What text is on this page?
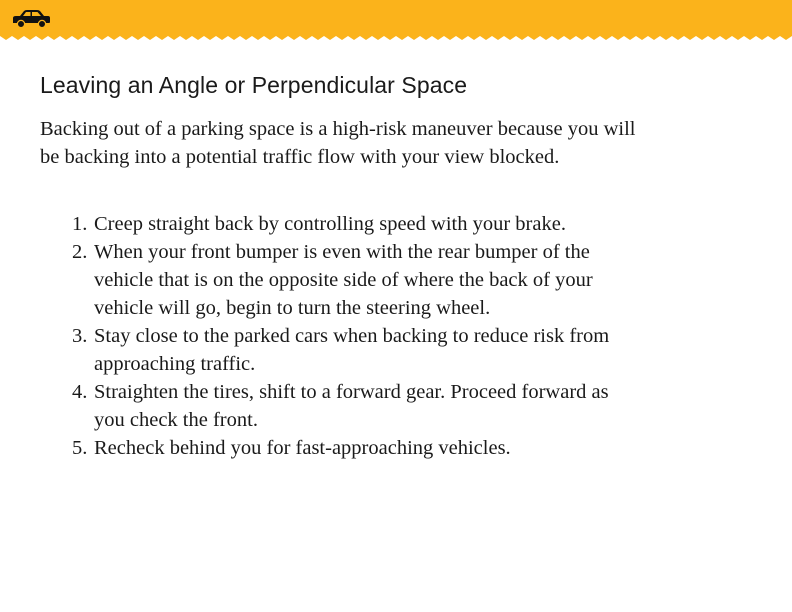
Leaving an Angle or Perpendicular Space
Backing out of a parking space is a high-risk maneuver because you will be backing into a potential traffic flow with your view blocked.
1. Creep straight back by controlling speed with your brake.
2. When your front bumper is even with the rear bumper of the vehicle that is on the opposite side of where the back of your vehicle will go, begin to turn the steering wheel.
3. Stay close to the parked cars when backing to reduce risk from approaching traffic.
4. Straighten the tires, shift to a forward gear. Proceed forward as you check the front.
5. Recheck behind you for fast-approaching vehicles.
